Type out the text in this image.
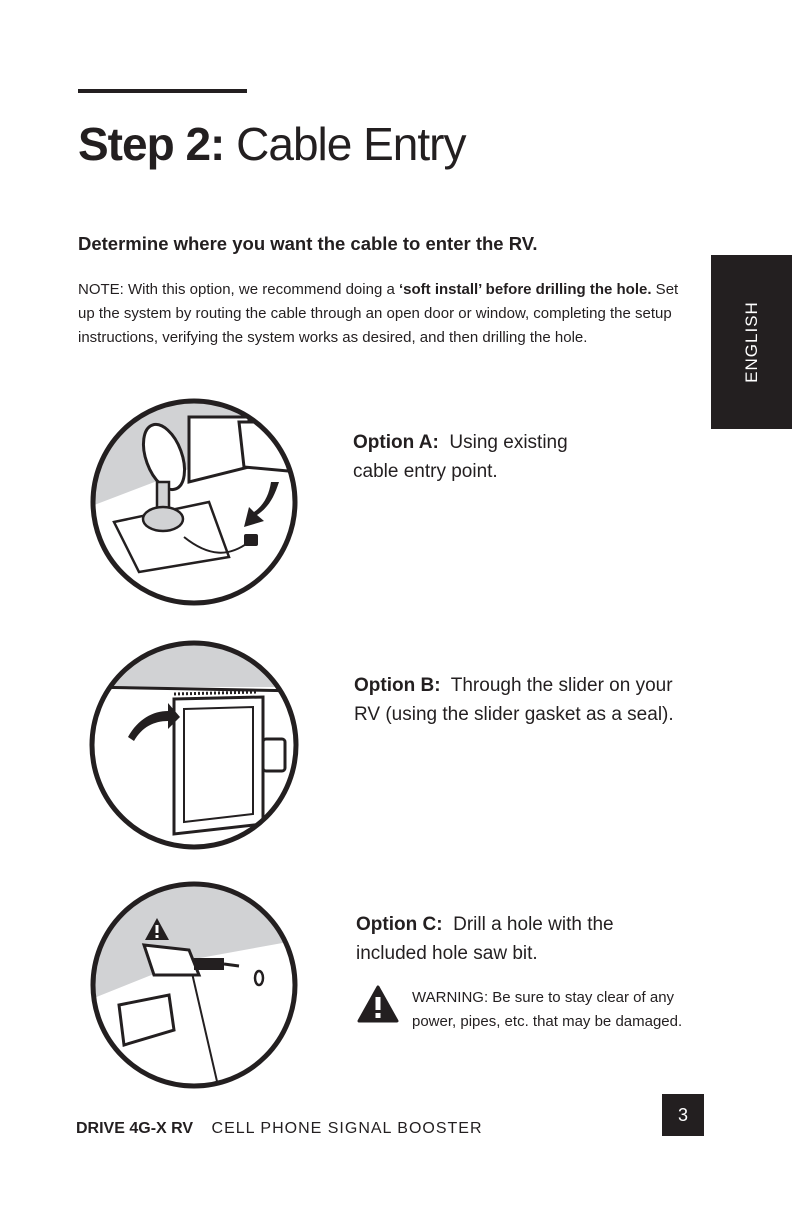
Step 2: Cable Entry
Determine where you want the cable to enter the RV.
NOTE: With this option, we recommend doing a ‘soft install’ before drilling the hole. Set up the system by routing the cable through an open door or window, completing the setup instructions, verifying the system works as desired, and then drilling the hole.	ENGLISH
Option A: Using existing cable entry point.
Option B: Through the slider on your RV (using the slider gasket as a seal).
Option C: Drill a hole with the included hole saw bit.
WARNING: Be sure to stay clear of any power, pipes, etc. that may be damaged.
DRIVE 4G-X RV CELL PHONE SIGNAL BOOSTER
3
